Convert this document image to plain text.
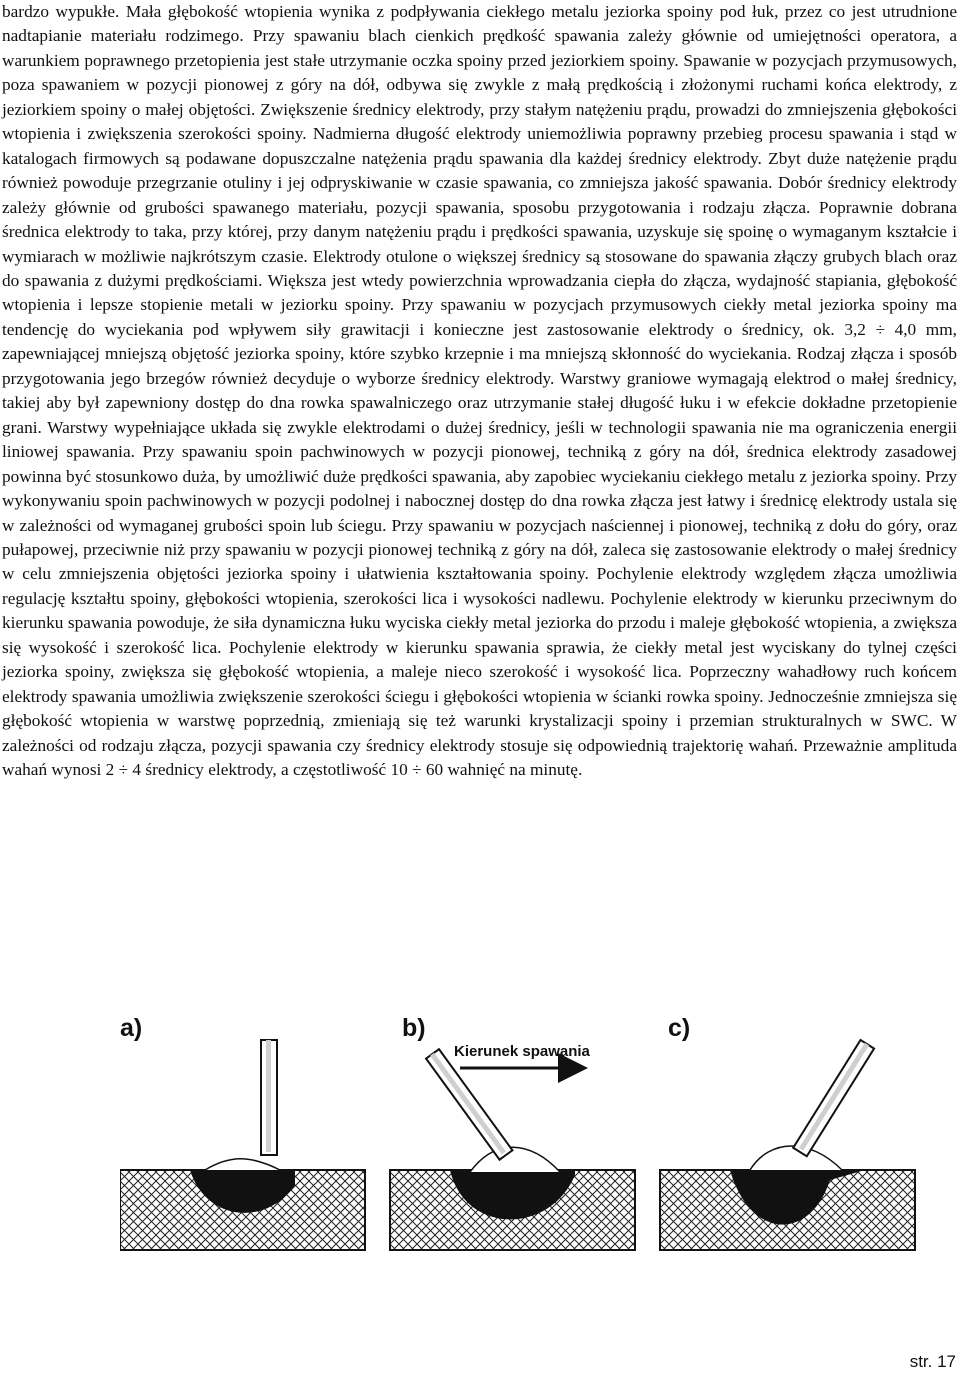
bardzo wypukłe. Mała głębokość wtopienia wynika z podpływania ciekłego metalu jeziorka spoiny pod łuk, przez co jest utrudnione nadtapianie materiału rodzimego. Przy spawaniu blach cienkich prędkość spawania zależy głównie od umiejętności operatora, a warunkiem poprawnego przetopienia jest stałe utrzymanie oczka spoiny przed jeziorkiem spoiny. Spawanie w pozycjach przymusowych, poza spawaniem w pozycji pionowej z góry na dół, odbywa się zwykle z małą prędkością i złożonymi ruchami końca elektrody, z jeziorkiem spoiny o małej objętości. Zwiększenie średnicy elektrody, przy stałym natężeniu prądu, prowadzi do zmniejszenia głębokości wtopienia i zwiększenia szerokości spoiny. Nadmierna długość elektrody uniemożliwia poprawny przebieg procesu spawania i stąd w katalogach firmowych są podawane dopuszczalne natężenia prądu spawania dla każdej średnicy elektrody. Zbyt duże natężenie prądu również powoduje przegrzanie otuliny i jej odpryskiwanie w czasie spawania, co zmniejsza jakość spawania. Dobór średnicy elektrody zależy głównie od grubości spawanego materiału, pozycji spawania, sposobu przygotowania i rodzaju złącza. Poprawnie dobrana średnica elektrody to taka, przy której, przy danym natężeniu prądu i prędkości spawania, uzyskuje się spoinę o wymaganym kształcie i wymiarach w możliwie najkrótszym czasie. Elektrody otulone o większej średnicy są stosowane do spawania złączy grubych blach oraz do spawania z dużymi prędkościami. Większa jest wtedy powierzchnia wprowadzania ciepła do złącza, wydajność stapiania, głębokość wtopienia i lepsze stopienie metali w jeziorku spoiny. Przy spawaniu w pozycjach przymusowych ciekły metal jeziorka spoiny ma tendencję do wyciekania pod wpływem siły grawitacji i konieczne jest zastosowanie elektrody o średnicy, ok. 3,2 ÷ 4,0 mm, zapewniającej mniejszą objętość jeziorka spoiny, które szybko krzepnie i ma mniejszą skłonność do wyciekania. Rodzaj złącza i sposób przygotowania jego brzegów również decyduje o wyborze średnicy elektrody. Warstwy graniowe wymagają elektrod o małej średnicy, takiej aby był zapewniony dostęp do dna rowka spawalniczego oraz utrzymanie stałej długość łuku i w efekcie dokładne przetopienie grani. Warstwy wypełniające układa się zwykle elektrodami o dużej średnicy, jeśli w technologii spawania nie ma ograniczenia energii liniowej spawania. Przy spawaniu spoin pachwinowych w pozycji pionowej, techniką z góry na dół, średnica elektrody zasadowej powinna być stosunkowo duża, by umożliwić duże prędkości spawania, aby zapobiec wyciekaniu ciekłego metalu z jeziorka spoiny. Przy wykonywaniu spoin pachwinowych w pozycji podolnej i nabocznej dostęp do dna rowka złącza jest łatwy i średnicę elektrody ustala się w zależności od wymaganej grubości spoin lub ściegu. Przy spawaniu w pozycjach naściennej i pionowej, techniką z dołu do góry, oraz pułapowej, przeciwnie niż przy spawaniu w pozycji pionowej techniką z góry na dół, zaleca się zastosowanie elektrody o małej średnicy w celu zmniejszenia objętości jeziorka spoiny i ułatwienia kształtowania spoiny. Pochylenie elektrody względem złącza umożliwia regulację kształtu spoiny, głębokości wtopienia, szerokości lica i wysokości nadlewu. Pochylenie elektrody w kierunku przeciwnym do kierunku spawania powoduje, że siła dynamiczna łuku wyciska ciekły metal jeziorka do przodu i maleje głębokość wtopienia, a zwiększa się wysokość i szerokość lica. Pochylenie elektrody w kierunku spawania sprawia, że ciekły metal jest wyciskany do tylnej części jeziorka spoiny, zwiększa się głębokość wtopienia, a maleje nieco szerokość i wysokość lica. Poprzeczny wahadłowy ruch końcem elektrody spawania umożliwia zwiększenie szerokości ściegu i głębokości wtopienia w ścianki rowka spoiny. Jednocześnie zmniejsza się głębokość wtopienia w warstwę poprzednią, zmieniają się też warunki krystalizacji spoiny i przemian strukturalnych w SWC. W zależności od rodzaju złącza, pozycji spawania czy średnicy elektrody stosuje się odpowiednią trajektorię wahań. Przeważnie amplituda wahań wynosi 2 ÷ 4 średnicy elektrody, a częstotliwość 10 ÷ 60 wahnięć na minutę.

a)	b)
Kierunek spawania
c)
str. 17
